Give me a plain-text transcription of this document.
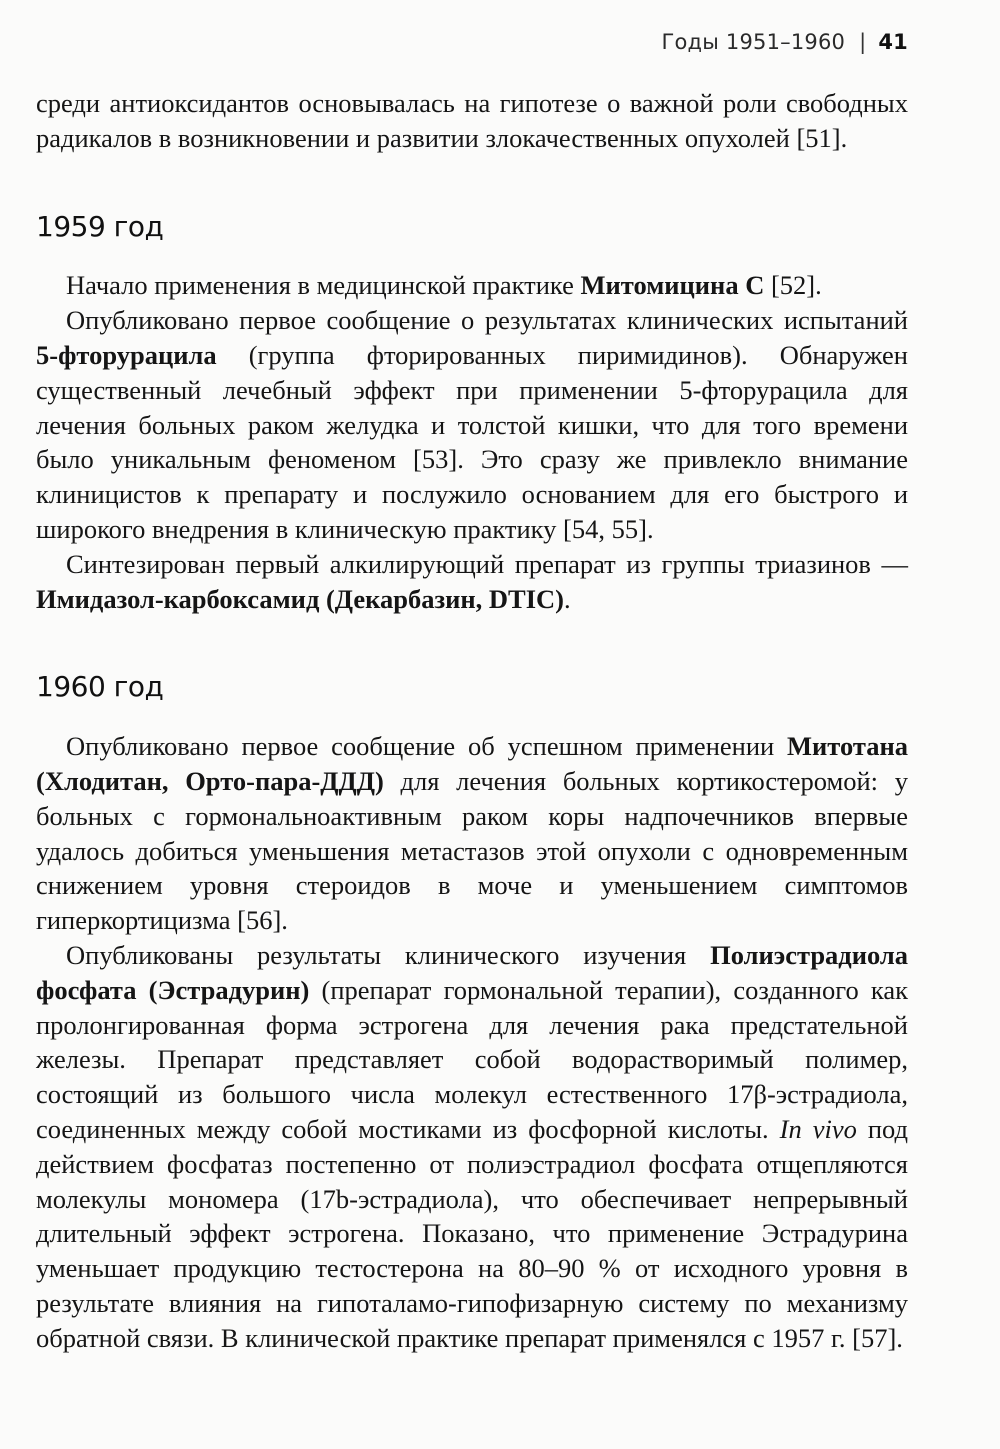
Годы 1951–1960 | 41

среди антиоксидантов основывалась на гипотезе о важной роли свободных радикалов в возникновении и развитии злокачественных опухолей [51].

1959 год

Начало применения в медицинской практике Митомицина С [52].

Опубликовано первое сообщение о результатах клинических испытаний 5-фторурацила (группа фторированных пиримидинов). Обнаружен существенный лечебный эффект при применении 5-фторурацила для лечения больных раком желудка и толстой кишки, что для того времени было уникальным феноменом [53]. Это сразу же привлекло внимание клиницистов к препарату и послужило основанием для его быстрого и широкого внедрения в клиническую практику [54, 55].

Синтезирован первый алкилирующий препарат из группы триазинов — Имидазол-карбоксамид (Декарбазин, DTIC).

1960 год

Опубликовано первое сообщение об успешном применении Митотана (Хлодитан, Орто-пара-ДДД) для лечения больных кортикостеромой: у больных с гормональноактивным раком коры надпочечников впервые удалось добиться уменьшения метастазов этой опухоли с одновременным снижением уровня стероидов в моче и уменьшением симптомов гиперкортицизма [56].

Опубликованы результаты клинического изучения Полиэстрадиола фосфата (Эстрадурин) (препарат гормональной терапии), созданного как пролонгированная форма эстрогена для лечения рака предстательной железы. Препарат представляет собой водорастворимый полимер, состоящий из большого числа молекул естественного 17β-эстрадиола, соединенных между собой мостиками из фосфорной кислоты. In vivo под действием фосфатаз постепенно от полиэстрадиол фосфата отщепляются молекулы мономера (17b-эстрадиола), что обеспечивает непрерывный длительный эффект эстрогена. Показано, что применение Эстрадурина уменьшает продукцию тестостерона на 80–90 % от исходного уровня в результате влияния на гипоталамо-гипофизарную систему по механизму обратной связи. В клинической практике препарат применялся с 1957 г. [57].
